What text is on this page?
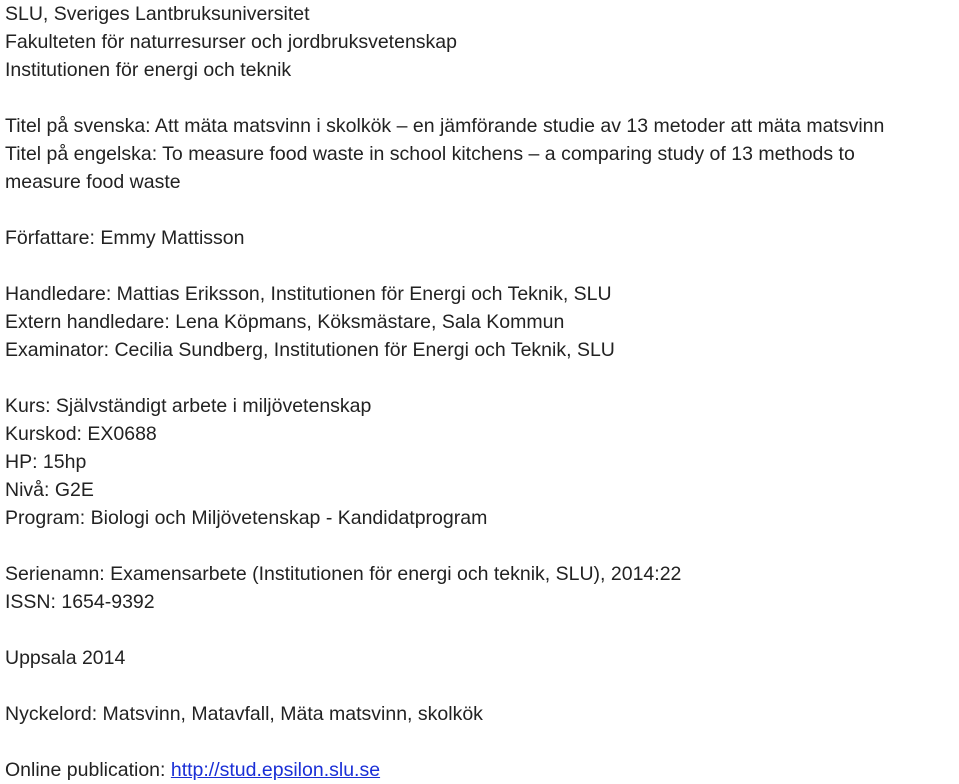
SLU, Sveriges Lantbruksuniversitet
Fakulteten för naturresurser och jordbruksvetenskap
Institutionen för energi och teknik
Titel på svenska: Att mäta matsvinn i skolkök – en jämförande studie av 13 metoder att mäta matsvinn
Titel på engelska: To measure food waste in school kitchens – a comparing study of 13 methods to
measure food waste
Författare: Emmy Mattisson
Handledare: Mattias Eriksson, Institutionen för Energi och Teknik, SLU
Extern handledare: Lena Köpmans, Köksmästare, Sala Kommun
Examinator: Cecilia Sundberg, Institutionen för Energi och Teknik, SLU
Kurs: Självständigt arbete i miljövetenskap
Kurskod: EX0688
HP: 15hp
Nivå: G2E
Program: Biologi och Miljövetenskap - Kandidatprogram
Serienamn: Examensarbete (Institutionen för energi och teknik, SLU), 2014:22
ISSN: 1654-9392
Uppsala 2014
Nyckelord: Matsvinn, Matavfall, Mäta matsvinn, skolkök
Online publication: http://stud.epsilon.slu.se
